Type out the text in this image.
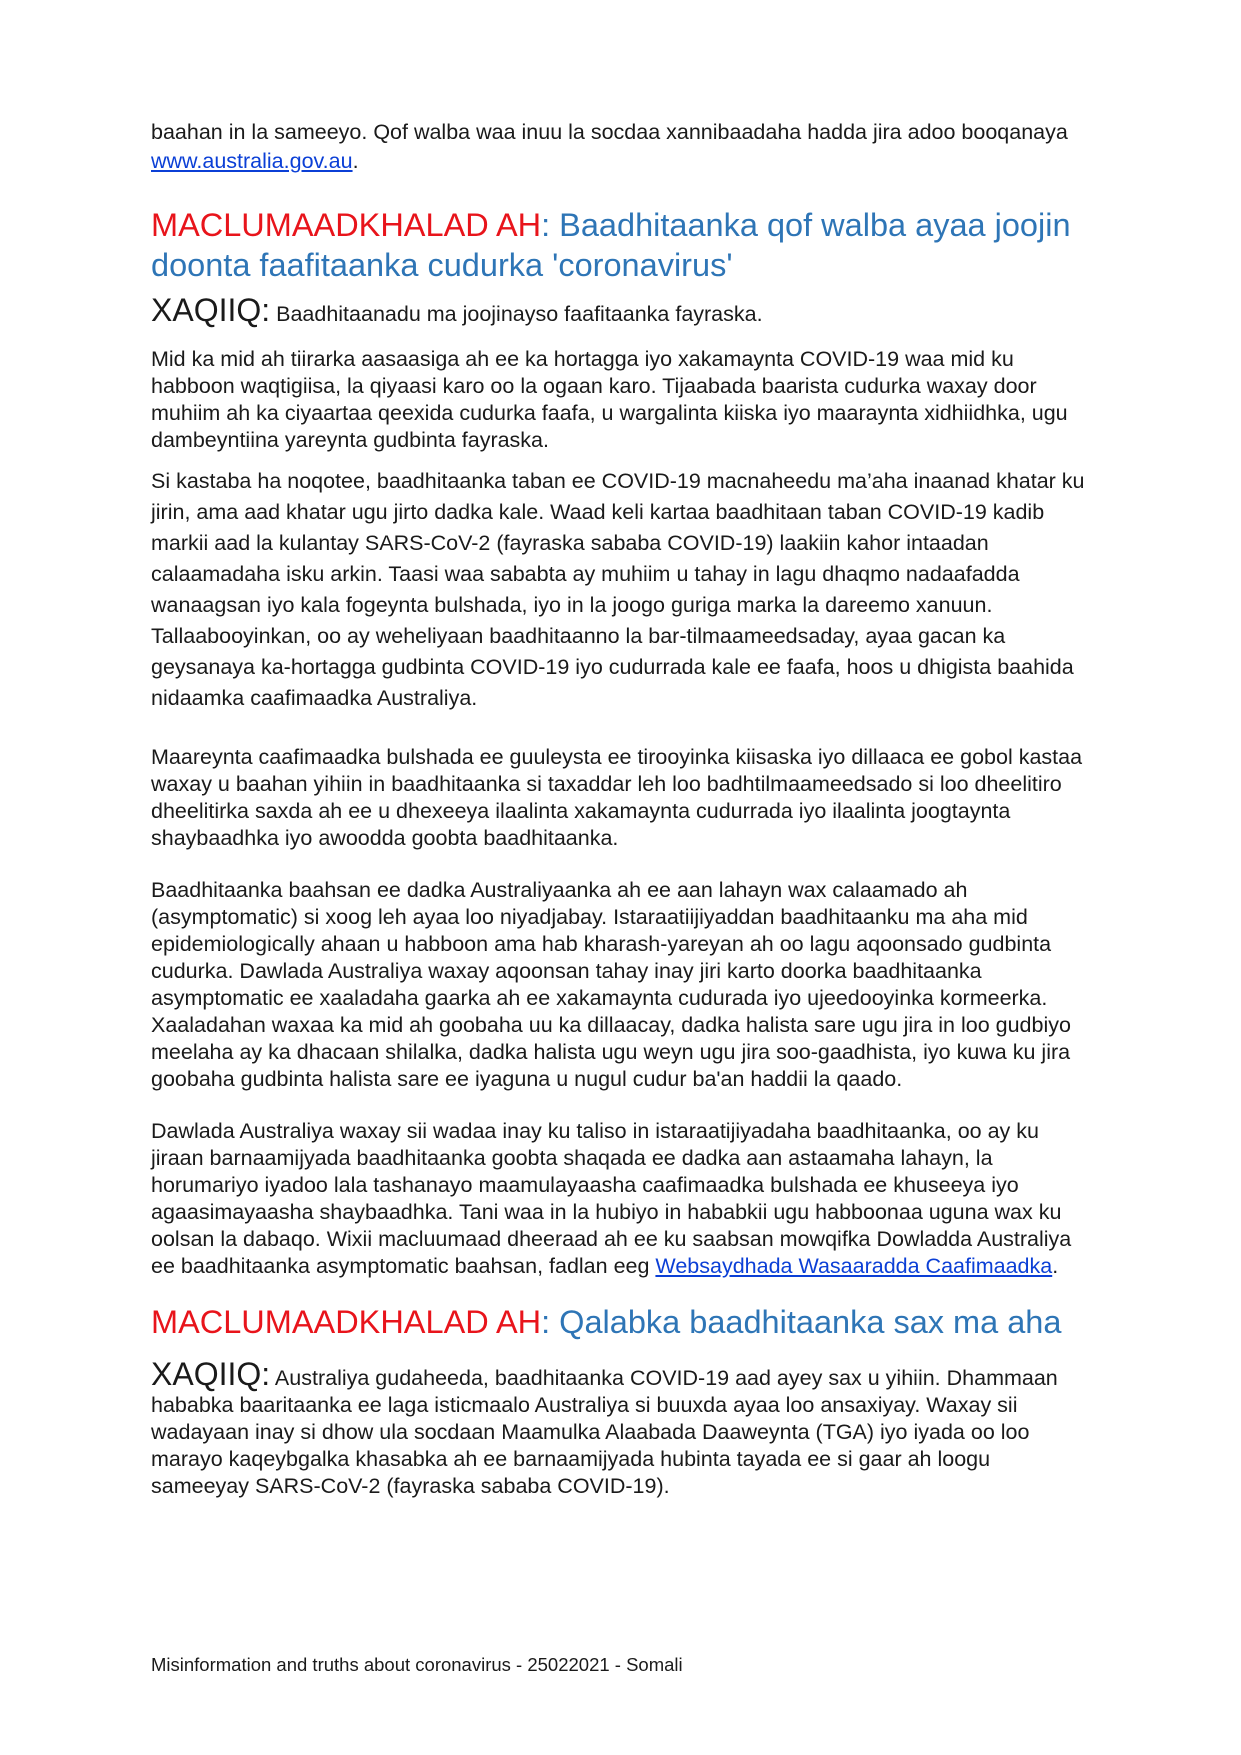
baahan in la sameeyo. Qof walba waa inuu la socdaa xannibaadaha hadda jira adoo booqanaya www.australia.gov.au.

MACLUMAADKHALAD AH: Baadhitaanka qof walba ayaa joojin doonta faafitaanka cudurka 'coronavirus'

XAQIIQ: Baadhitaanadu ma joojinayso faafitaanka fayraska.

Mid ka mid ah tiirarka aasaasiga ah ee ka hortagga iyo xakamaynta COVID-19 waa mid ku habboon waqtigiisa, la qiyaasi karo oo la ogaan karo. Tijaabada baarista cudurka waxay door muhiim ah ka ciyaartaa qeexida cudurka faafa, u wargalinta kiiska iyo maaraynta xidhiidhka, ugu dambeyntiina yareynta gudbinta fayraska.

Si kastaba ha noqotee, baadhitaanka taban ee COVID-19 macnaheedu ma’aha inaanad khatar ku jirin, ama aad khatar ugu jirto dadka kale. Waad keli kartaa baadhitaan taban COVID-19 kadib markii aad la kulantay SARS-CoV-2 (fayraska sababa COVID-19) laakiin kahor intaadan calaamadaha isku arkin. Taasi waa sababta ay muhiim u tahay in lagu dhaqmo nadaafadda wanaagsan iyo kala fogeynta bulshada, iyo in la joogo guriga marka la dareemo xanuun. Tallaabooyinkan, oo ay weheliyaan baadhitaanno la bar-tilmaameedsaday, ayaa gacan ka geysanaya ka-hortagga gudbinta COVID-19 iyo cudurrada kale ee faafa, hoos u dhigista baahida nidaamka caafimaadka Australiya.

Maareynta caafimaadka bulshada ee guuleysta ee tirooyinka kiisaska iyo dillaaca ee gobol kastaa waxay u baahan yihiin in baadhitaanka si taxaddar leh loo badhtilmaameedsado si loo dheelitiro dheelitirka saxda ah ee u dhexeeya ilaalinta xakamaynta cudurrada iyo ilaalinta joogtaynta shaybaadhka iyo awoodda goobta baadhitaanka.

Baadhitaanka baahsan ee dadka Australiyaanka ah ee aan lahayn wax calaamado ah (asymptomatic) si xoog leh ayaa loo niyadjabay. Istaraatiijiyaddan baadhitaanku ma aha mid epidemiologically ahaan u habboon ama hab kharash-yareyan ah oo lagu aqoonsado gudbinta cudurka. Dawlada Australiya waxay aqoonsan tahay inay jiri karto doorka baadhitaanka asymptomatic ee xaaladaha gaarka ah ee xakamaynta cudurada iyo ujeedooyinka kormeerka. Xaaladahan waxaa ka mid ah goobaha uu ka dillaacay, dadka halista sare ugu jira in loo gudbiyo meelaha ay ka dhacaan shilalka, dadka halista ugu weyn ugu jira soo-gaadhista, iyo kuwa ku jira goobaha gudbinta halista sare ee iyaguna u nugul cudur ba'an haddii la qaado.

Dawlada Australiya waxay sii wadaa inay ku taliso in istaraatijiyadaha baadhitaanka, oo ay ku jiraan barnaamijyada baadhitaanka goobta shaqada ee dadka aan astaamaha lahayn, la horumariyo iyadoo lala tashanayo maamulayaasha caafimaadka bulshada ee khuseeya iyo agaasimayaasha shaybaadhka. Tani waa in la hubiyo in hababkii ugu habboonaa uguna wax ku oolsan la dabaqo. Wixii macluumaad dheeraad ah ee ku saabsan mowqifka Dowladda Australiya ee baadhitaanka asymptomatic baahsan, fadlan eeg Websaydhada Wasaaradda Caafimaadka.

MACLUMAADKHALAD AH: Qalabka baadhitaanka sax ma aha

XAQIIQ: Australiya gudaheeda, baadhitaanka COVID-19 aad ayey sax u yihiin. Dhammaan hababka baaritaanka ee laga isticmaalo Australiya si buuxda ayaa loo ansaxiyay. Waxay sii wadayaan inay si dhow ula socdaan Maamulka Alaabada Daaweynta (TGA) iyo iyada oo loo marayo kaqeybgalka khasabka ah ee barnaamijyada hubinta tayada ee si gaar ah loogu sameeyay SARS-CoV-2 (fayraska sababa COVID-19).

Misinformation and truths about coronavirus - 25022021 - Somali
